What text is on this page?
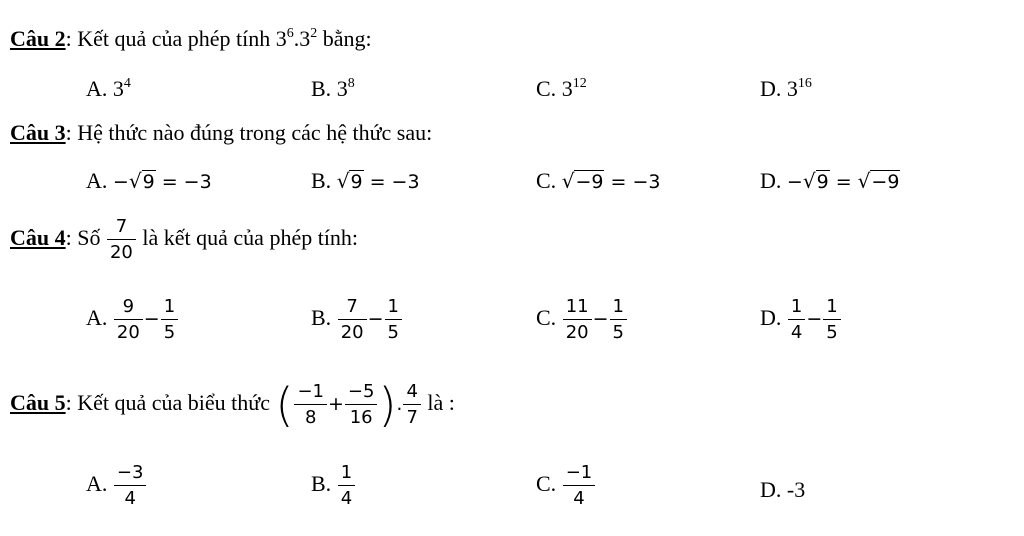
Câu 2: Kết quả của phép tính $3^6.3^2$ bằng:
A. $3^4$	B. $3^8$	C. $3^{12}$	D. $3^{16}$
Câu 3: Hệ thức nào đúng trong các hệ thức sau:
A. −√9 = −3	B. √9 = −3	C. √−9 = −3	D. −√9 = √−9
Câu 4: Số $\frac{7}{20}$ là kết quả của phép tính:
A. $\frac{9}{20} - \frac{1}{5}$	B. $\frac{7}{20} - \frac{1}{5}$	C. $\frac{11}{20} - \frac{1}{5}$	D. $\frac{1}{4} - \frac{1}{5}$
Câu 5: Kết quả của biểu thức ( $\frac{-1}{8} + \frac{-5}{16}$ ). $\frac{4}{7}$ là :
A. $\frac{-3}{4}$	B. $\frac{1}{4}$	C. $\frac{-1}{4}$	D. -3
